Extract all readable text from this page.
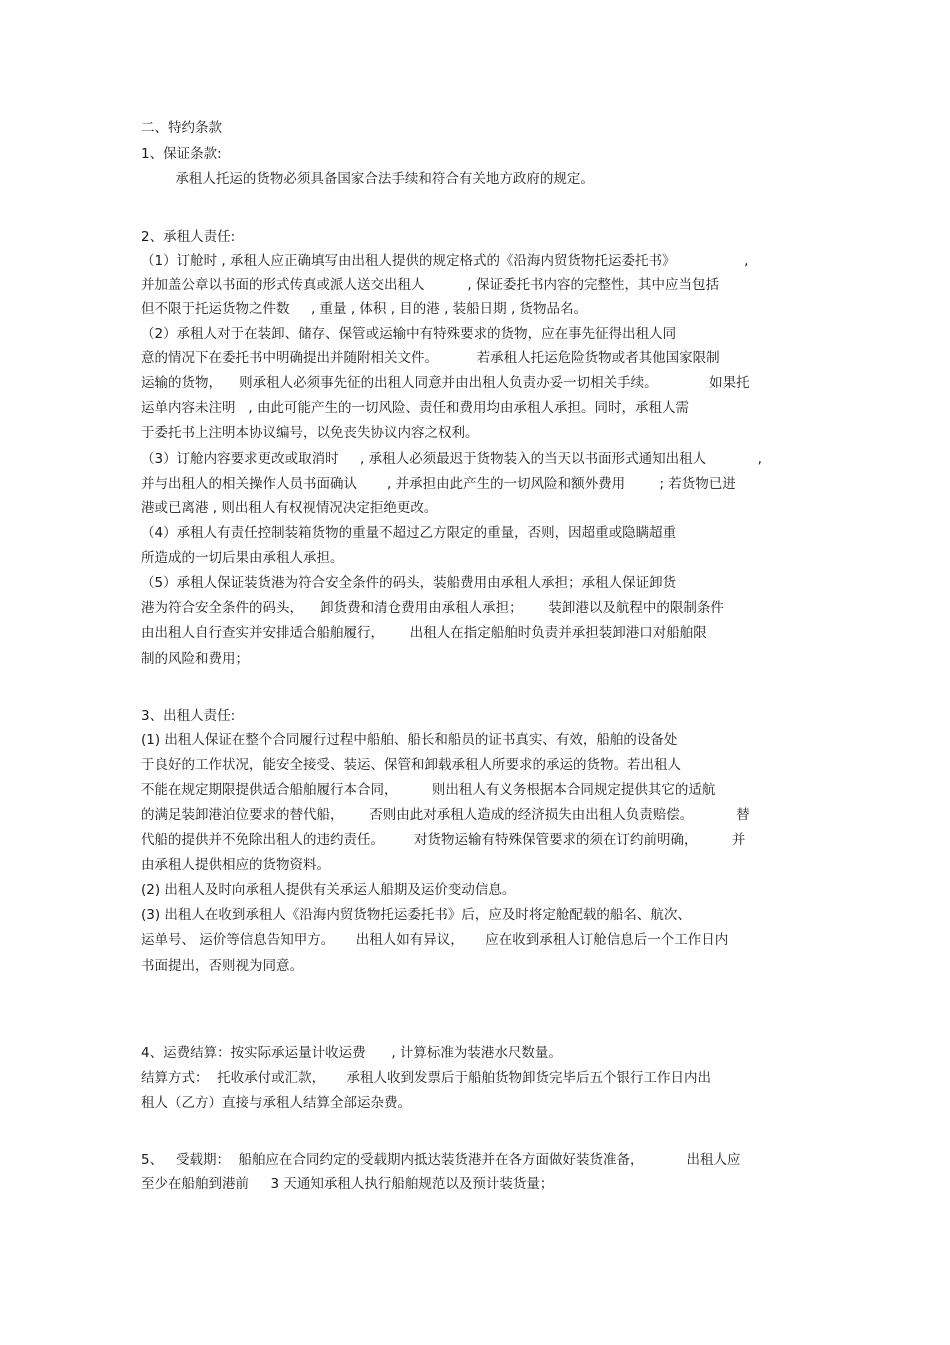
二、特约条款
1、保证条款:
承租人托运的货物必须具备国家合法手续和符合有关地方政府的规定。
2、承租人责任:
（1）订舱时 , 承租人应正确填写由出租人提供的规定格式的《沿海内贸货物托运委托书》                ,
并加盖公章以书面的形式传真或派人送交出租人          , 保证委托书内容的完整性，其中应当包括
但不限于托运货物之件数     , 重量 , 体积 , 目的港 , 装船日期 , 货物品名。
（2）承租人对于在装卸、储存、保管或运输中有特殊要求的货物，应在事先征得出租人同
意的情况下在委托书中明确提出并随附相关文件。         若承租人托运危险货物或者其他国家限制
运输的货物，    则承租人必须事先征的出租人同意并由出租人负责办妥一切相关手续。            如果托
运单内容未注明   , 由此可能产生的一切风险、责任和费用均由承租人承担。同时，承租人需
于委托书上注明本协议编号，以免丧失协议内容之权利。
（3）订舱内容要求更改或取消时     , 承租人必须最迟于货物装入的当天以书面形式通知出租人            ,
并与出租人的相关操作人员书面确认       , 并承担由此产生的一切风险和额外费用        ; 若货物已进
港或已离港 , 则出租人有权视情况决定拒绝更改。
（4）承租人有责任控制装箱货物的重量不超过乙方限定的重量，否则，因超重或隐瞒超重
所造成的一切后果由承租人承担。
（5）承租人保证装货港为符合安全条件的码头，装船费用由承租人承担；承租人保证卸货
港为符合安全条件的码头，    卸货费和清仓费用由承租人承担；      装卸港以及航程中的限制条件
由出租人自行查实并安排适合船舶履行，      出租人在指定船舶时负责并承担装卸港口对船舶限
制的风险和费用；
3、出租人责任:
(1) 出租人保证在整个合同履行过程中船舶、船长和船员的证书真实、有效，船舶的设备处
于良好的工作状况，能安全接受、装运、保管和卸载承租人所要求的承运的货物。若出租人
不能在规定期限提供适合船舶履行本合同，        则出租人有义务根据本合同规定提供其它的适航
的满足装卸港泊位要求的替代船，      否则由此对承租人造成的经济损失由出租人负责赔偿。          替
代船的提供并不免除出租人的违约责任。       对货物运输有特殊保管要求的须在订约前明确，        并
由承租人提供相应的货物资料。
(2) 出租人及时向承租人提供有关承运人船期及运价变动信息。
(3) 出租人在收到承租人《沿海内贸货物托运委托书》后，应及时将定舱配载的船名、航次、
运单号、 运价等信息告知甲方。     出租人如有异议，     应在收到承租人订舱信息后一个工作日内
书面提出，否则视为同意。
4、运费结算：按实际承运量计收运费      , 计算标准为装港水尺数量。
结算方式：  托收承付或汇款，     承租人收到发票后于船舶货物卸货完毕后五个银行工作日内出
租人（乙方）直接与承租人结算全部运杂费。
5、   受载期：  船舶应在合同约定的受载期内抵达装货港并在各方面做好装货准备，          出租人应
至少在船舶到港前     3 天通知承租人执行船舶规范以及预计装货量；
